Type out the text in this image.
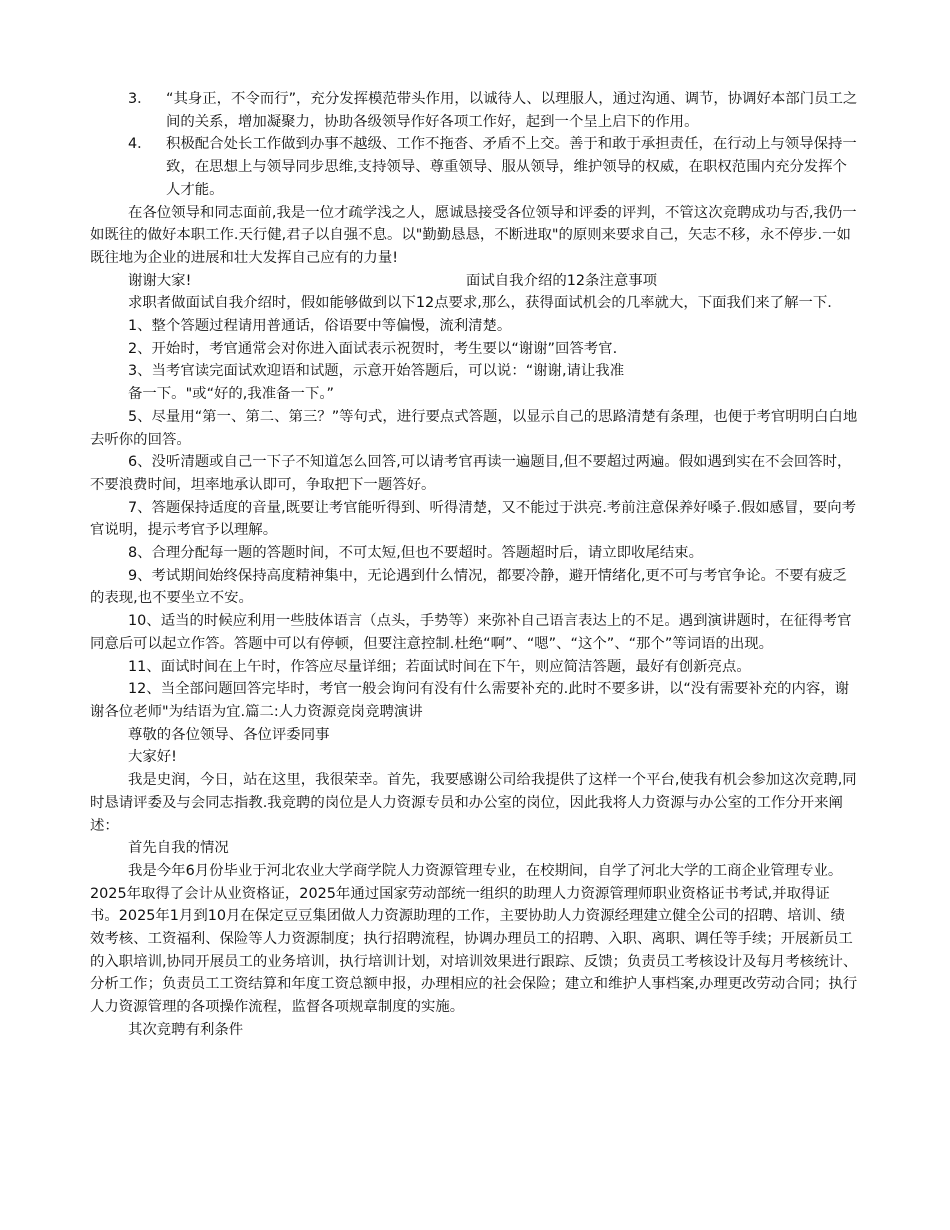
3． “其身正，不令而行”，充分发挥模范带头作用，以诚待人、以理服人，通过沟通、调节，协调好本部门员工之间的关系，增加凝聚力，协助各级领导作好各项工作好，起到一个呈上启下的作用。
4． 积极配合处长工作做到办事不越级、工作不拖沓、矛盾不上交。善于和敢于承担责任，在行动上与领导保持一致，在思想上与领导同步思维,支持领导、尊重领导、服从领导，维护领导的权威，在职权范围内充分发挥个人才能。

在各位领导和同志面前,我是一位才疏学浅之人，愿诚恳接受各位领导和评委的评判，不管这次竞聘成功与否,我仍一如既往的做好本职工作.天行健,君子以自强不息。以"勤勤恳恳，不断进取"的原则来要求自己，矢志不移，永不停步.一如既往地为企业的进展和壮大发挥自己应有的力量!

谢谢大家!	面试自我介绍的12条注意事项

求职者做面试自我介绍时，假如能够做到以下12点要求,那么，获得面试机会的几率就大，下面我们来了解一下.

1、整个答题过程请用普通话，俗语要中等偏慢，流利清楚。

2、开始时，考官通常会对你进入面试表示祝贺时，考生要以“谢谢”回答考官.

3、当考官读完面试欢迎语和试题，示意开始答题后，可以说：“谢谢,请让我准

备一下。"或“好的,我准备一下。”

5、尽量用“第一、第二、第三？”等句式，进行要点式答题，以显示自己的思路清楚有条理，也便于考官明明白白地去听你的回答。

6、没听清题或自己一下子不知道怎么回答,可以请考官再读一遍题目,但不要超过两遍。假如遇到实在不会回答时，不要浪费时间，坦率地承认即可，争取把下一题答好。

7、答题保持适度的音量,既要让考官能听得到、听得清楚，又不能过于洪亮.考前注意保养好嗓子.假如感冒，要向考官说明，提示考官予以理解。

8、合理分配每一题的答题时间，不可太短,但也不要超时。答题超时后，请立即收尾结束。

9、考试期间始终保持高度精神集中，无论遇到什么情况，都要冷静，避开情绪化,更不可与考官争论。不要有疲乏的表现,也不要坐立不安。

10、适当的时候应利用一些肢体语言（点头，手势等）来弥补自己语言表达上的不足。遇到演讲题时，在征得考官同意后可以起立作答。答题中可以有停顿，但要注意控制.杜绝“啊”、“嗯”、“这个”、“那个”等词语的出现。

11、面试时间在上午时，作答应尽量详细；若面试时间在下午，则应简洁答题，最好有创新亮点。

12、当全部问题回答完毕时，考官一般会询问有没有什么需要补充的.此时不要多讲，以“没有需要补充的内容，谢谢各位老师"为结语为宜.篇二:人力资源竞岗竞聘演讲

尊敬的各位领导、各位评委同事

大家好!

我是史润，今日，站在这里，我很荣幸。首先，我要感谢公司给我提供了这样一个平台,使我有机会参加这次竞聘,同时恳请评委及与会同志指教.我竞聘的岗位是人力资源专员和办公室的岗位，因此我将人力资源与办公室的工作分开来阐述：

首先自我的情况

我是今年6月份毕业于河北农业大学商学院人力资源管理专业，在校期间，自学了河北大学的工商企业管理专业。2025年取得了会计从业资格证，2025年通过国家劳动部统一组织的助理人力资源管理师职业资格证书考试,并取得证书。2025年1月到10月在保定豆豆集团做人力资源助理的工作，主要协助人力资源经理建立健全公司的招聘、培训、绩效考核、工资福利、保险等人力资源制度；执行招聘流程，协调办理员工的招聘、入职、离职、调任等手续；开展新员工的入职培训,协同开展员工的业务培训，执行培训计划，对培训效果进行跟踪、反馈；负责员工考核设计及每月考核统计、分析工作；负责员工工资结算和年度工资总额申报，办理相应的社会保险；建立和维护人事档案,办理更改劳动合同；执行人力资源管理的各项操作流程，监督各项规章制度的实施。

其次竞聘有利条件
